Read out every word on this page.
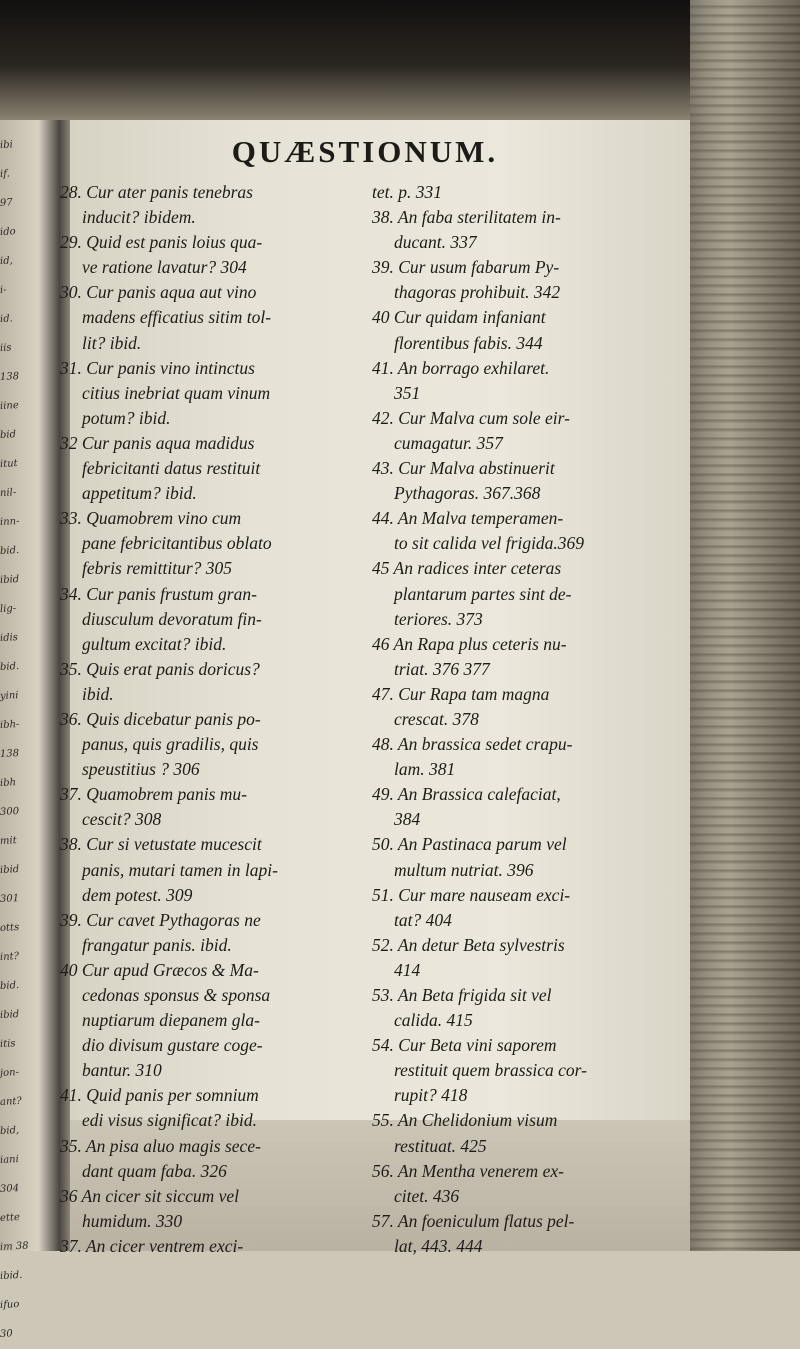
ibi
if.
97
ido
id,
i-
id.
iis
138
iine
bid
itut
nil-
inn-
bid.
ibid
lig-
idis
bid.
yini
ibh-
138
ibh
300
mit
ibid
301
otts
int?
bid.
ibid
itis
jon-
ant?
bid,
iani
304
ette
im 38
ibid.
ifuo
30
QUÆSTIONUM.
28. Cur ater panis tenebras
inducit? ibidem.
29. Quid est panis loius qua-
ve ratione lavatur? 304
30. Cur panis aqua aut vino
madens efficatius sitim tol-
lit? ibid.
31. Cur panis vino intinctus
citius inebriat quam vinum
potum? ibid.
32 Cur panis aqua madidus
febricitanti datus restituit
appetitum? ibid.
33. Quamobrem vino cum
pane febricitantibus oblato
febris remittitur? 305
34. Cur panis frustum gran-
diusculum devoratum fin-
gultum excitat? ibid.
35. Quis erat panis doricus?
ibid.
36. Quis dicebatur panis po-
panus, quis gradilis, quis
speustitius ? 306
37. Quamobrem panis mu-
cescit? 308
38. Cur si vetustate mucescit
panis, mutari tamen in lapi-
dem potest. 309
39. Cur cavet Pythagoras ne
frangatur panis. ibid.
40 Cur apud Græcos & Ma-
cedonas sponsus & sponsa
nuptiarum diepanem gla-
dio divisum gustare coge-
bantur. 310
41. Quid panis per somnium
edi visus significat? ibid.
35. An pisa aluo magis sece-
dant quam faba. 326
36 An cicer sit siccum vel
humidum. 330
37. An cicer ventrem exci-
tet. p. 331
38. An faba sterilitatem in-
ducant. 337
39. Cur usum fabarum Py-
thagoras prohibuit. 342
40 Cur quidam infaniant
florentibus fabis. 344
41. An borrago exhilaret.
351
42. Cur Malva cum sole eir-
cumagatur. 357
43. Cur Malva abstinuerit
Pythagoras. 367.368
44. An Malva temperamen-
to sit calida vel frigida.369
45 An radices inter ceteras
plantarum partes sint de-
teriores. 373
46 An Rapa plus ceteris nu-
triat. 376 377
47. Cur Rapa tam magna
crescat. 378
48. An brassica sedet crapu-
lam. 381
49. An Brassica calefaciat,
384
50. An Pastinaca parum vel
multum nutriat. 396
51. Cur mare nauseam exci-
tat? 404
52. An detur Beta sylvestris
414
53. An Beta frigida sit vel
calida. 415
54. Cur Beta vini saporem
restituit quem brassica cor-
rupit? 418
55. An Chelidonium visum
restituat. 425
56. An Mentha venerem ex-
citet. 436
57. An foeniculum flatus pel-
lat, 443. 444
